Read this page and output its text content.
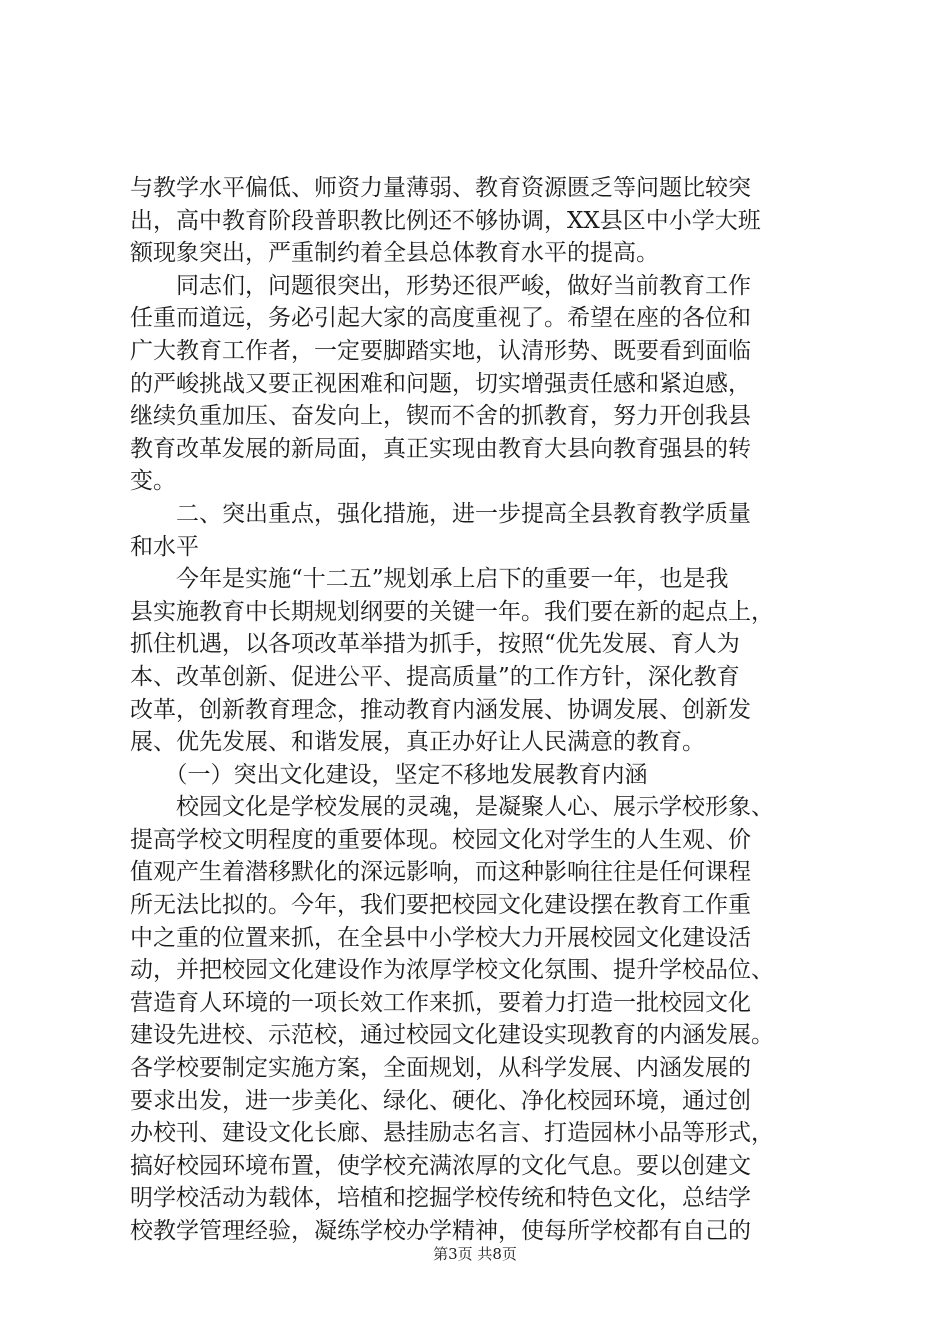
与教学水平偏低、师资力量薄弱、教育资源匮乏等问题比较突
出，高中教育阶段普职教比例还不够协调，XX县区中小学大班
额现象突出，严重制约着全县总体教育水平的提高。
　　同志们，问题很突出，形势还很严峻，做好当前教育工作
任重而道远，务必引起大家的高度重视了。希望在座的各位和
广大教育工作者，一定要脚踏实地，认清形势、既要看到面临
的严峻挑战又要正视困难和问题，切实增强责任感和紧迫感，
继续负重加压、奋发向上，锲而不舍的抓教育，努力开创我县
教育改革发展的新局面，真正实现由教育大县向教育强县的转
变。
　　二、突出重点，强化措施，进一步提高全县教育教学质量
和水平
　　今年是实施“十二五”规划承上启下的重要一年，也是我
县实施教育中长期规划纲要的关键一年。我们要在新的起点上，
抓住机遇，以各项改革举措为抓手，按照“优先发展、育人为
本、改革创新、促进公平、提高质量”的工作方针，深化教育
改革，创新教育理念，推动教育内涵发展、协调发展、创新发
展、优先发展、和谐发展，真正办好让人民满意的教育。
　　（一）突出文化建设，坚定不移地发展教育内涵
　　校园文化是学校发展的灵魂，是凝聚人心、展示学校形象、
提高学校文明程度的重要体现。校园文化对学生的人生观、价
值观产生着潜移默化的深远影响，而这种影响往往是任何课程
所无法比拟的。今年，我们要把校园文化建设摆在教育工作重
中之重的位置来抓，在全县中小学校大力开展校园文化建设活
动，并把校园文化建设作为浓厚学校文化氛围、提升学校品位、
营造育人环境的一项长效工作来抓，要着力打造一批校园文化
建设先进校、示范校，通过校园文化建设实现教育的内涵发展。
各学校要制定实施方案，全面规划，从科学发展、内涵发展的
要求出发，进一步美化、绿化、硬化、净化校园环境，通过创
办校刊、建设文化长廊、悬挂励志名言、打造园林小品等形式，
搞好校园环境布置，使学校充满浓厚的文化气息。要以创建文
明学校活动为载体，培植和挖掘学校传统和特色文化，总结学
校教学管理经验，凝练学校办学精神，使每所学校都有自己的
第3页 共8页
